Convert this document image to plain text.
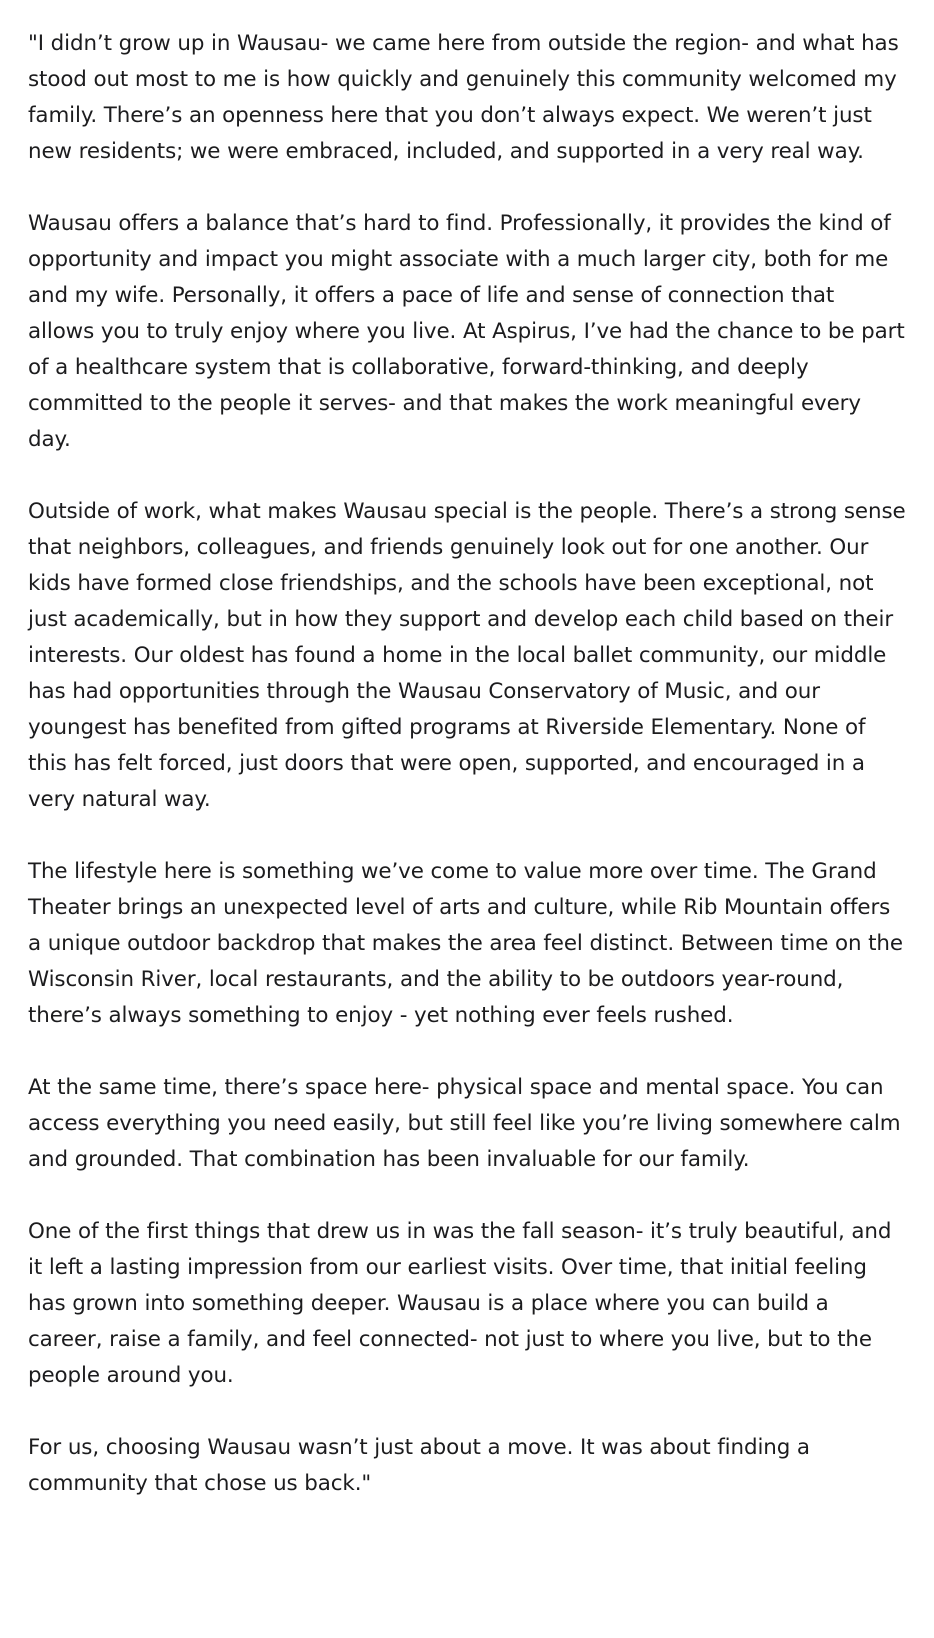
"I didn’t grow up in Wausau- we came here from outside the region- and what has stood out most to me is how quickly and genuinely this community welcomed my family. There’s an openness here that you don’t always expect. We weren’t just new residents; we were embraced, included, and supported in a very real way.

Wausau offers a balance that’s hard to find. Professionally, it provides the kind of opportunity and impact you might associate with a much larger city, both for me and my wife. Personally, it offers a pace of life and sense of connection that allows you to truly enjoy where you live. At Aspirus, I’ve had the chance to be part of a healthcare system that is collaborative, forward-thinking, and deeply committed to the people it serves- and that makes the work meaningful every day.

Outside of work, what makes Wausau special is the people. There’s a strong sense that neighbors, colleagues, and friends genuinely look out for one another. Our kids have formed close friendships, and the schools have been exceptional, not just academically, but in how they support and develop each child based on their interests. Our oldest has found a home in the local ballet community, our middle has had opportunities through the Wausau Conservatory of Music, and our youngest has benefited from gifted programs at Riverside Elementary. None of this has felt forced, just doors that were open, supported, and encouraged in a very natural way.

The lifestyle here is something we’ve come to value more over time. The Grand Theater brings an unexpected level of arts and culture, while Rib Mountain offers a unique outdoor backdrop that makes the area feel distinct. Between time on the Wisconsin River, local restaurants, and the ability to be outdoors year-round, there’s always something to enjoy - yet nothing ever feels rushed.

At the same time, there’s space here- physical space and mental space. You can access everything you need easily, but still feel like you’re living somewhere calm and grounded. That combination has been invaluable for our family.

One of the first things that drew us in was the fall season- it’s truly beautiful, and it left a lasting impression from our earliest visits. Over time, that initial feeling has grown into something deeper. Wausau is a place where you can build a career, raise a family, and feel connected- not just to where you live, but to the people around you.

For us, choosing Wausau wasn’t just about a move. It was about finding a community that chose us back."
